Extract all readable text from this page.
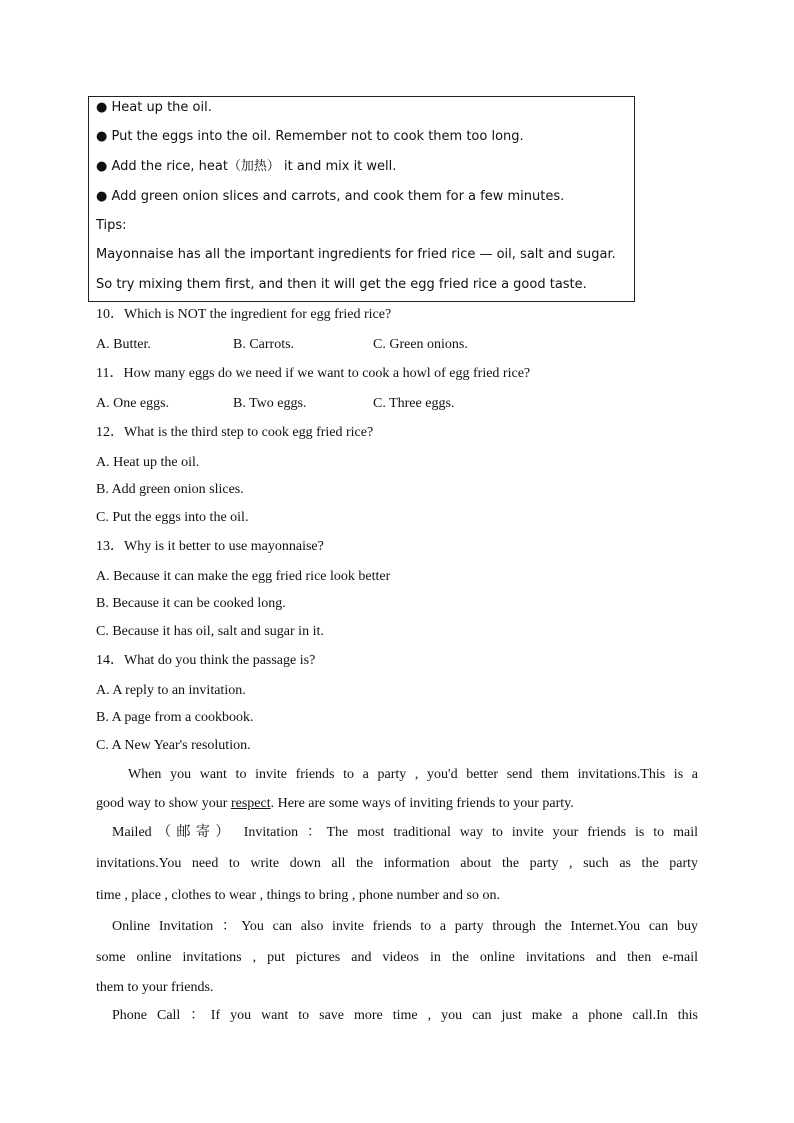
● Heat up the oil.
● Put the eggs into the oil. Remember not to cook them too long.
● Add the rice, heat（加热） it and mix it well.
● Add green onion slices and carrots, and cook them for a few minutes.
Tips:
Mayonnaise has all the important ingredients for fried rice — oil, salt and sugar.
So try mixing them first, and then it will get the egg fried rice a good taste.
10．Which is NOT the ingredient for egg fried rice?
A. Butter.	B. Carrots.	C. Green onions.
11．How many eggs do we need if we want to cook a howl of egg fried rice?
A. One eggs.	B. Two eggs.	C. Three eggs.
12．What is the third step to cook egg fried rice?
A. Heat up the oil.
B. Add green onion slices.
C. Put the eggs into the oil.
13．Why is it better to use mayonnaise?
A. Because it can make the egg fried rice look better
B. Because it can be cooked long.
C. Because it has oil, salt and sugar in it.
14．What do you think the passage is?
A. A reply to an invitation.
B. A page from a cookbook.
C. A New Year's resolution.
When you want to invite friends to a party , you'd better send them invitations.This is a
good way to show your respect. Here are some ways of inviting friends to your party.
Mailed（邮寄） Invitation ：The most traditional way to invite your friends is to mail
invitations.You need to write down all the information about the party , such as the party
time , place , clothes to wear , things to bring , phone number and so on.
Online Invitation ：You can also invite friends to a party through the Internet.You can buy
some online invitations , put pictures and videos in the online invitations and then e-mail
them to your friends.
Phone Call ：If you want to save more time , you can just make a phone call.In this
